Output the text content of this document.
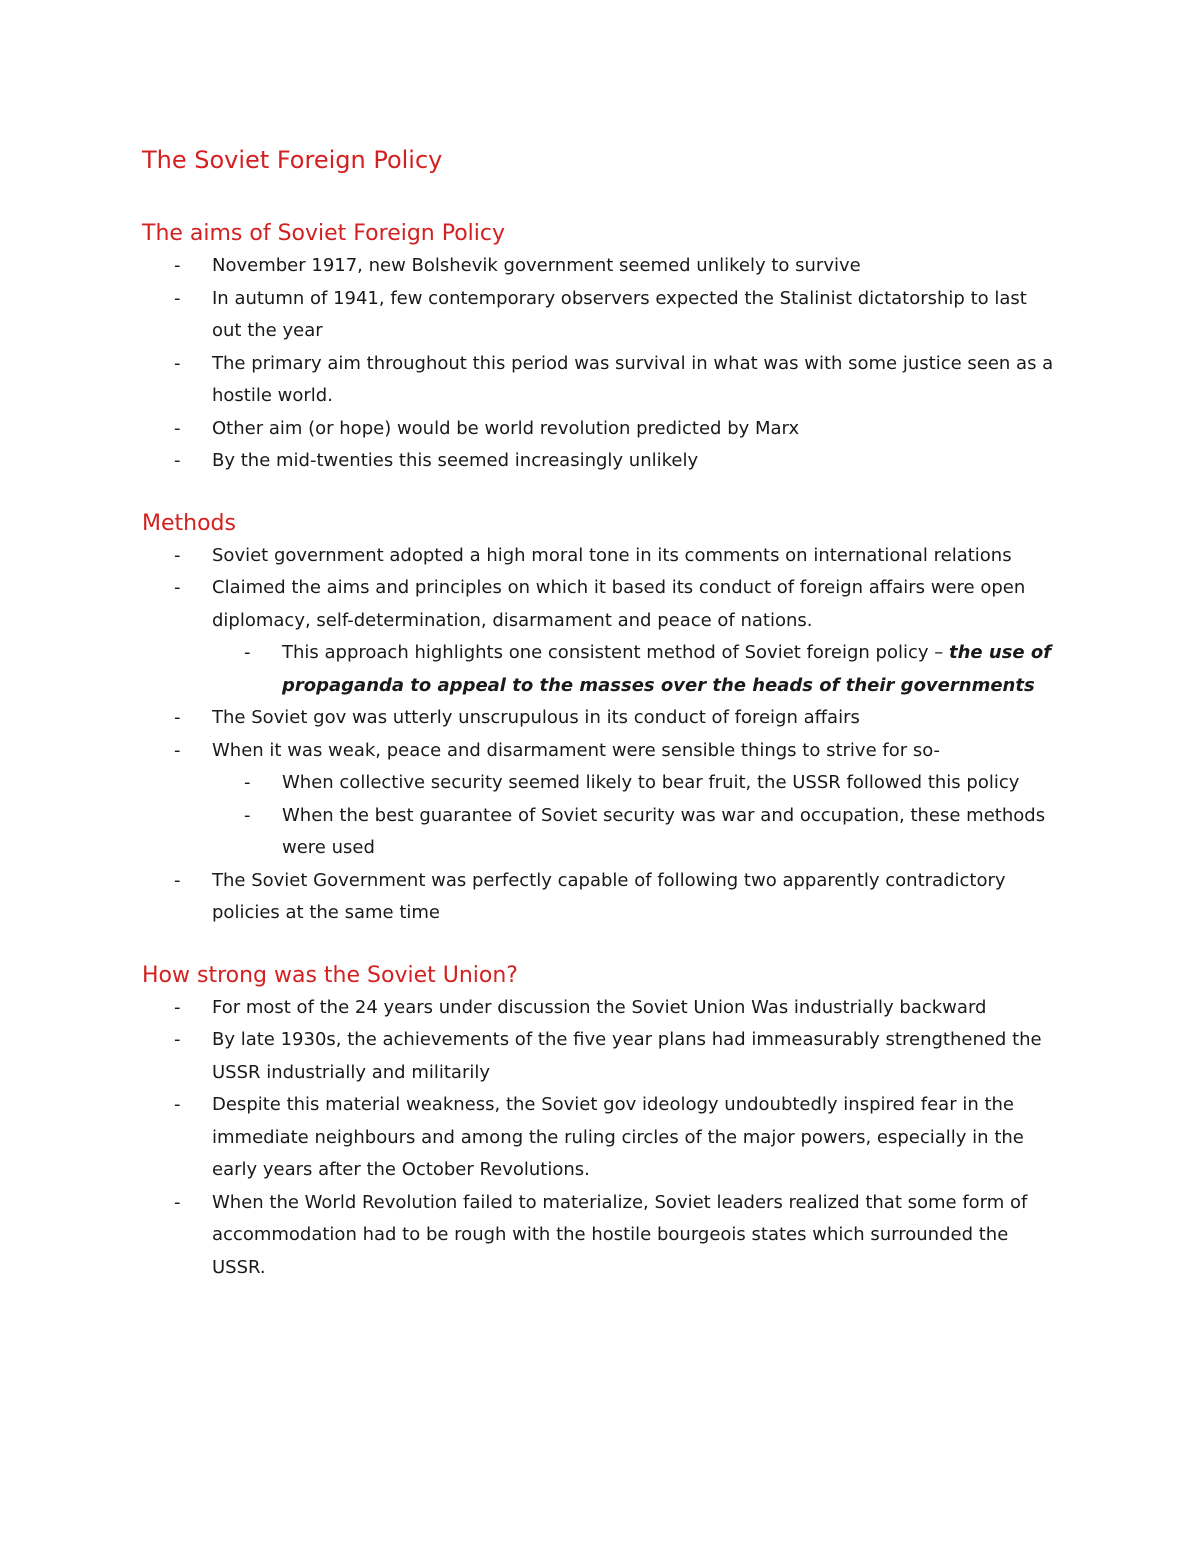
The Soviet Foreign Policy
The aims of Soviet Foreign Policy
- November 1917, new Bolshevik government seemed unlikely to survive
- In autumn of 1941, few contemporary observers expected the Stalinist dictatorship to last out the year
- The primary aim throughout this period was survival in what was with some justice seen as a hostile world.
- Other aim (or hope) would be world revolution predicted by Marx
- By the mid-twenties this seemed increasingly unlikely
Methods
- Soviet government adopted a high moral tone in its comments on international relations
- Claimed the aims and principles on which it based its conduct of foreign affairs were open diplomacy, self-determination, disarmament and peace of nations.
- This approach highlights one consistent method of Soviet foreign policy – the use of propaganda to appeal to the masses over the heads of their governments
- The Soviet gov was utterly unscrupulous in its conduct of foreign affairs
- When it was weak, peace and disarmament were sensible things to strive for so-
- When collective security seemed likely to bear fruit, the USSR followed this policy
- When the best guarantee of Soviet security was war and occupation, these methods were used
- The Soviet Government was perfectly capable of following two apparently contradictory policies at the same time
How strong was the Soviet Union?
- For most of the 24 years under discussion the Soviet Union Was industrially backward
- By late 1930s, the achievements of the five year plans had immeasurably strengthened the USSR industrially and militarily
- Despite this material weakness, the Soviet gov ideology undoubtedly inspired fear in the immediate neighbours and among the ruling circles of the major powers, especially in the early years after the October Revolutions.
- When the World Revolution failed to materialize, Soviet leaders realized that some form of accommodation had to be rough with the hostile bourgeois states which surrounded the USSR.
